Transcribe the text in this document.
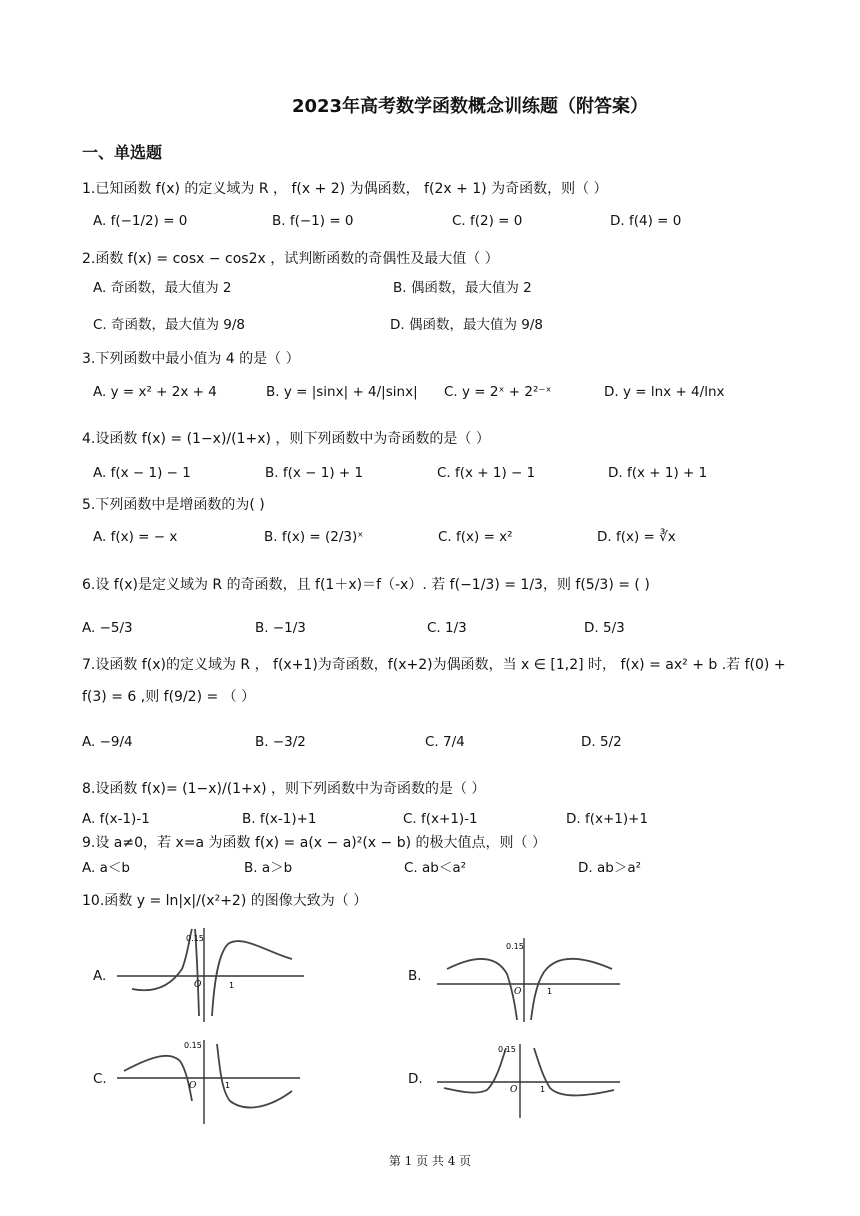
2023年高考数学函数概念训练题（附答案）
一、单选题
1.已知函数 f(x) 的定义域为 R ， f(x + 2) 为偶函数， f(2x + 1) 为奇函数，则（ ）
A. f(−1/2) = 0	B. f(−1) = 0	C. f(2) = 0	D. f(4) = 0
2.函数 f(x) = cosx − cos2x ，试判断函数的奇偶性及最大值（ ）
A. 奇函数，最大值为 2	B. 偶函数，最大值为 2
C. 奇函数，最大值为 9/8	D. 偶函数，最大值为 9/8
3.下列函数中最小值为 4 的是（ ）
A. y = x² + 2x + 4	B. y = |sinx| + 4/|sinx| C. y = 2ˣ + 2²⁻ˣ	D. y = lnx + 4/lnx
4.设函数 f(x) = (1−x)/(1+x) ，则下列函数中为奇函数的是（ ）
A. f(x − 1) − 1	B. f(x − 1) + 1	C. f(x + 1) − 1	D. f(x + 1) + 1
5.下列函数中是增函数的为( )
A. f(x) = − x	B. f(x) = (2/3)ˣ	C. f(x) = x²	D. f(x) = ∛x
6.设 f(x)是定义域为 R 的奇函数，且 f(1＋x)＝f（-x）. 若 f(−1/3) = 1/3，则 f(5/3) = ( )
A. −5/3	B. −1/3	C. 1/3	D. 5/3
7.设函数 f(x)的定义域为 R ， f(x+1)为奇函数，f(x+2)为偶函数，当 x ∈ [1,2] 时， f(x) = ax² + b .若 f(0) +
f(3) = 6 ,则 f(9/2) = （ ）
A. −9/4	B. −3/2	C. 7/4	D. 5/2
8.设函数 f(x)= (1−x)/(1+x) ，则下列函数中为奇函数的是（ ）
A. f(x-1)-1	B. f(x-1)+1	C. f(x+1)-1	D. f(x+1)+1
9.设 a≠0，若 x=a 为函数 f(x) = a(x − a)²(x − b) 的极大值点，则（ ）
A. a＜b	B. a＞b	C. ab＜a²	D. ab＞a²
10.函数 y = ln|x|/(x²+2) 的图像大致为（ ）
A.
0.15
O	1
B.
0.15
O	1
C.
0.15
O	1	D.
0.15
O	1
第 1 页 共 4 页
